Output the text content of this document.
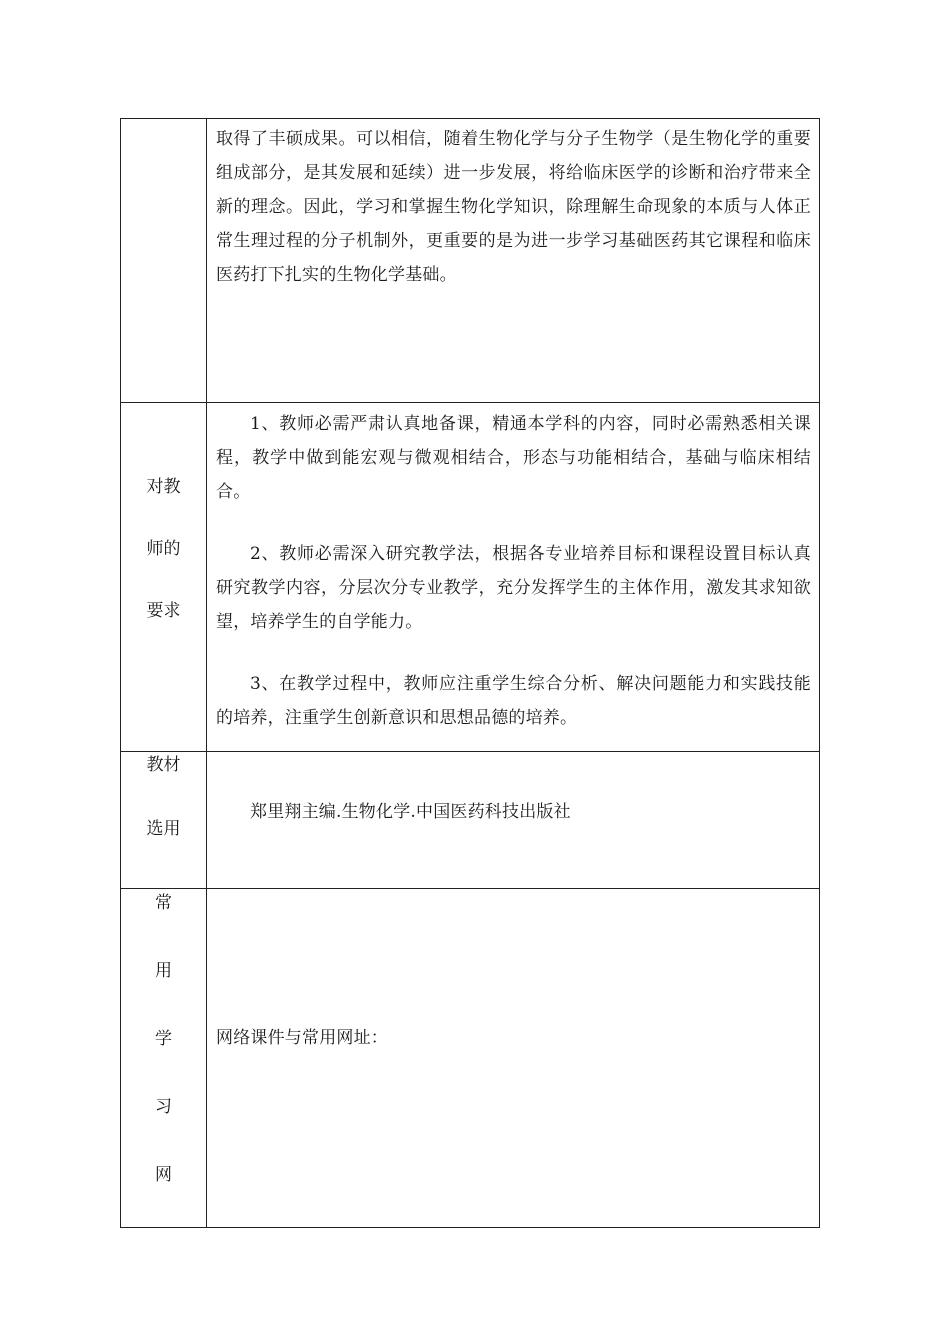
取得了丰硕成果。可以相信，随着生物化学与分子生物学（是生物化学的重要组成部分，是其发展和延续）进一步发展，将给临床医学的诊断和治疗带来全新的理念。因此，学习和掌握生物化学知识，除理解生命现象的本质与人体正常生理过程的分子机制外，更重要的是为进一步学习基础医药其它课程和临床医药打下扎实的生物化学基础。

对教
师的
要求

1、教师必需严肃认真地备课，精通本学科的内容，同时必需熟悉相关课程，教学中做到能宏观与微观相结合，形态与功能相结合，基础与临床相结合。

2、教师必需深入研究教学法，根据各专业培养目标和课程设置目标认真研究教学内容，分层次分专业教学，充分发挥学生的主体作用，激发其求知欲望，培养学生的自学能力。

3、在教学过程中，教师应注重学生综合分析、解决问题能力和实践技能的培养，注重学生创新意识和思想品德的培养。

教材
选用

郑里翔主编.生物化学.中国医药科技出版社

常
用
学
习
网

网络课件与常用网址：
